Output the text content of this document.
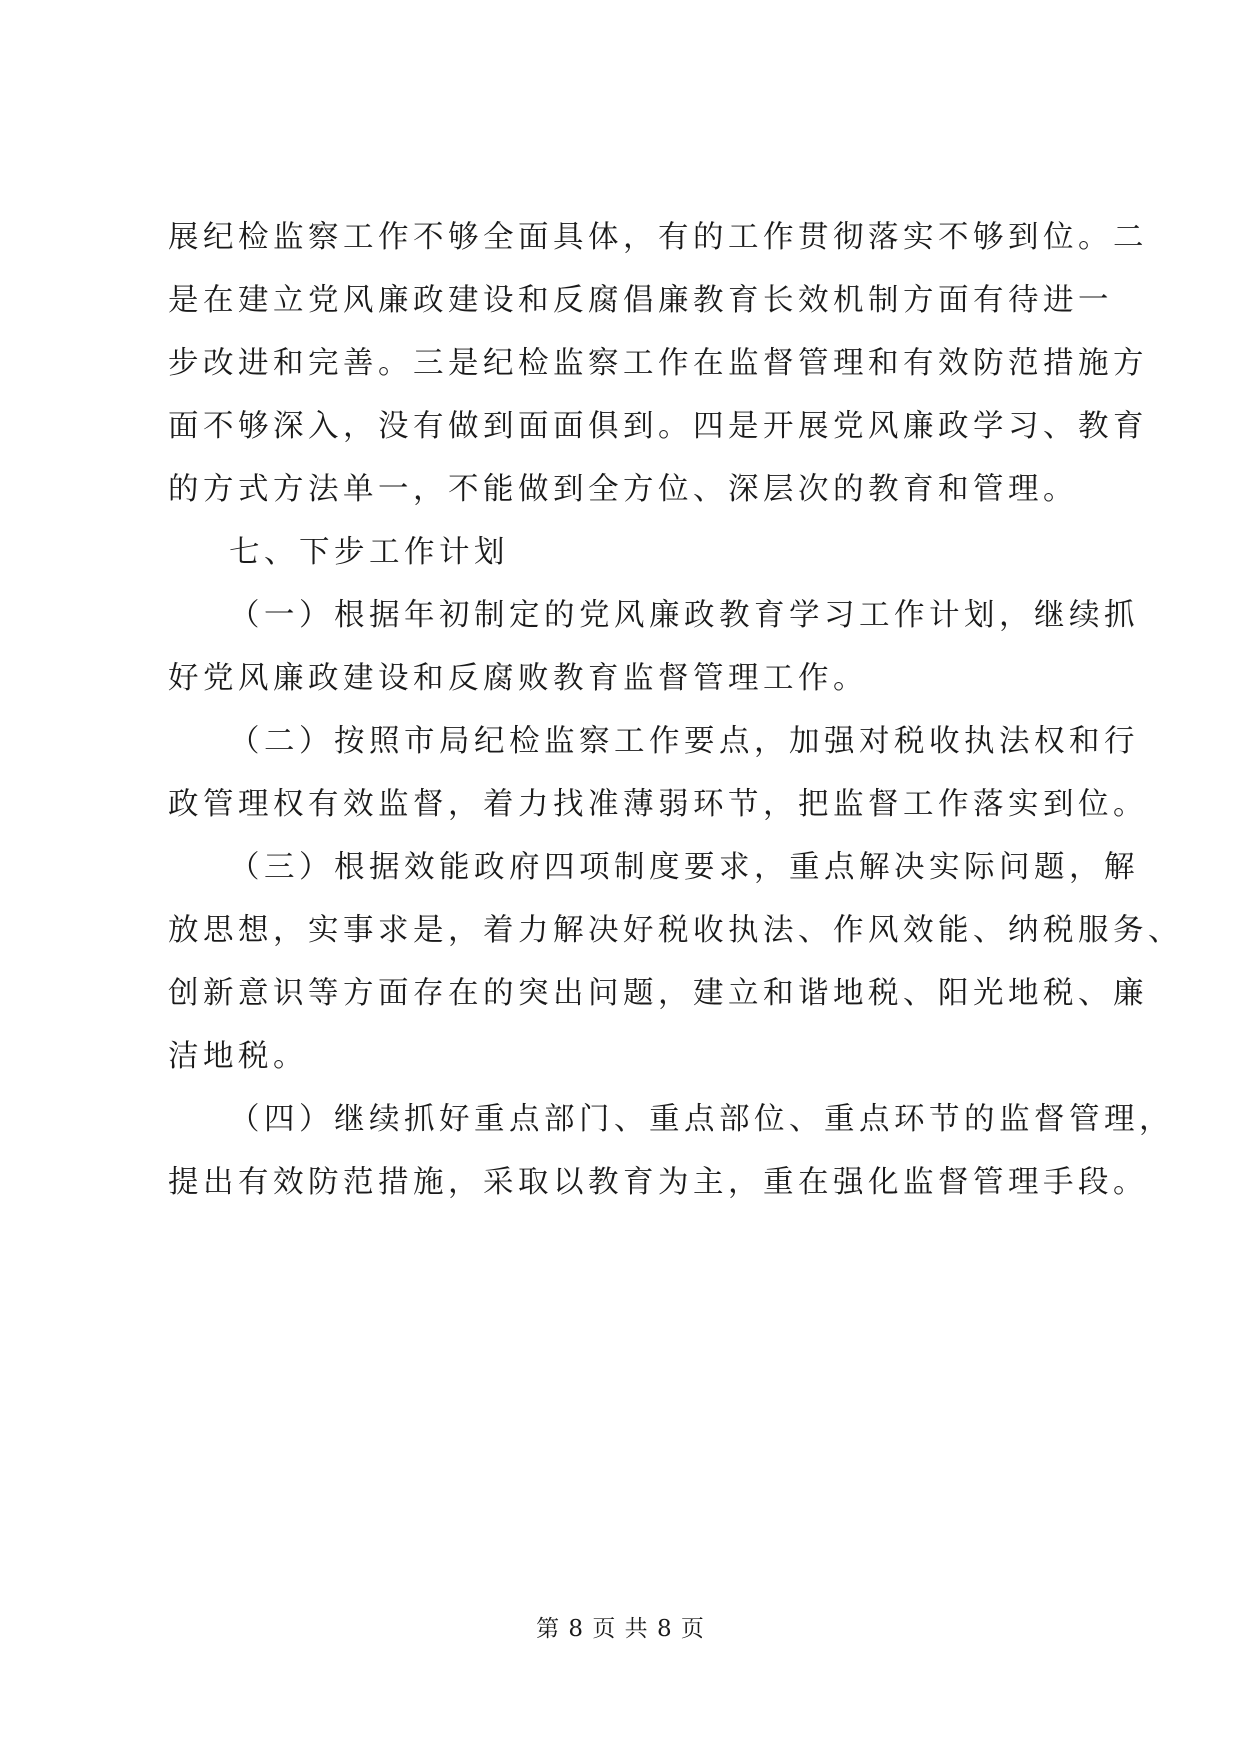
展纪检监察工作不够全面具体，有的工作贯彻落实不够到位。二
是在建立党风廉政建设和反腐倡廉教育长效机制方面有待进一
步改进和完善。三是纪检监察工作在监督管理和有效防范措施方
面不够深入，没有做到面面俱到。四是开展党风廉政学习、教育
的方式方法单一，不能做到全方位、深层次的教育和管理。
七、下步工作计划
（一）根据年初制定的党风廉政教育学习工作计划，继续抓
好党风廉政建设和反腐败教育监督管理工作。
（二）按照市局纪检监察工作要点，加强对税收执法权和行
政管理权有效监督，着力找准薄弱环节，把监督工作落实到位。
（三）根据效能政府四项制度要求，重点解决实际问题，解
放思想，实事求是，着力解决好税收执法、作风效能、纳税服务、
创新意识等方面存在的突出问题，建立和谐地税、阳光地税、廉
洁地税。
（四）继续抓好重点部门、重点部位、重点环节的监督管理，
提出有效防范措施，采取以教育为主，重在强化监督管理手段。
第 8 页 共 8 页
